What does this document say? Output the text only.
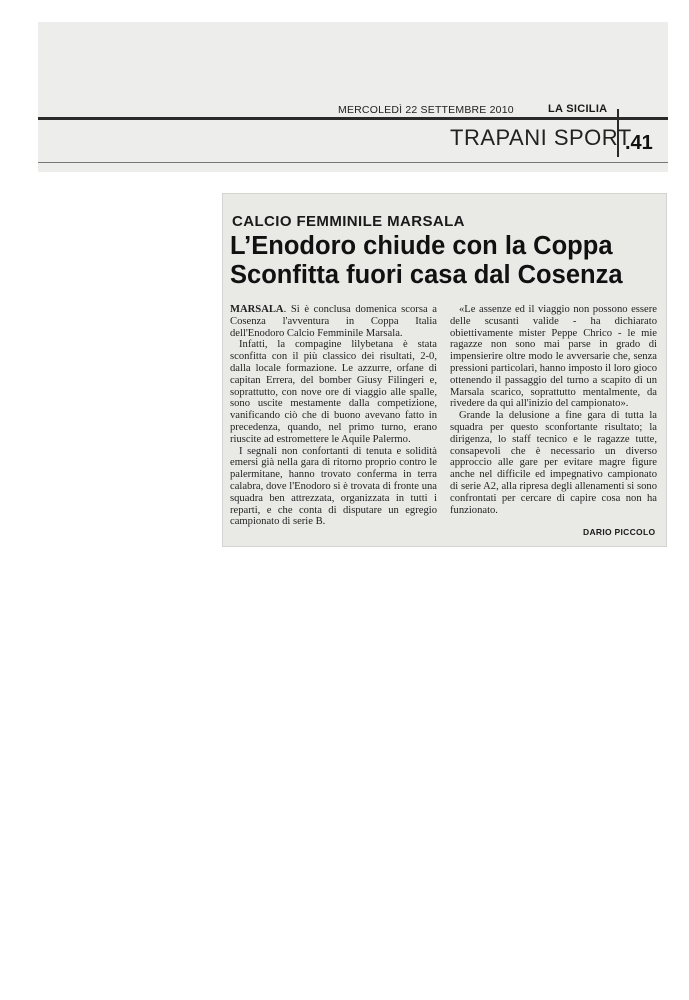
MERCOLEDÌ 22 SETTEMBRE 2010	LA SICILIA
TRAPANI SPORT
.41
CALCIO FEMMINILE MARSALA
L’Enodoro chiude con la Coppa
Sconfitta fuori casa dal Cosenza

MARSALA. Si è conclusa domenica scorsa a Cosenza l'avventura in Coppa Italia dell'Enodoro Calcio Femminile Marsala.

Infatti, la compagine lilybetana è stata sconfitta con il più classico dei risultati, 2-0, dalla locale formazione. Le azzurre, orfane di capitan Errera, del bomber Giusy Filingeri e, soprattutto, con nove ore di viaggio alle spalle, sono uscite mestamente dalla competizione, vanificando ciò che di buono avevano fatto in precedenza, quando, nel primo turno, erano riuscite ad estromettere le Aquile Palermo.

I segnali non confortanti di tenuta e solidità emersi già nella gara di ritorno proprio contro le palermitane, hanno trovato conferma in terra calabra, dove l'Enodoro si è trovata di fronte una squadra ben attrezzata, organizzata in tutti i reparti, e che conta di disputare un egregio campionato di serie B.

«Le assenze ed il viaggio non possono essere delle scusanti valide - ha dichiarato obiettivamente mister Peppe Chrico - le mie ragazze non sono mai parse in grado di impensierire oltre modo le avversarie che, senza pressioni particolari, hanno imposto il loro gioco ottenendo il passaggio del turno a scapito di un Marsala scarico, soprattutto mentalmente, da rivedere da qui all'inizio del campionato».

Grande la delusione a fine gara di tutta la squadra per questo sconfortante risultato; la dirigenza, lo staff tecnico e le ragazze tutte, consapevoli che è necessario un diverso approccio alle gare per evitare magre figure anche nel difficile ed impegnativo campionato di serie A2, alla ripresa degli allenamenti si sono confrontati per cercare di capire cosa non ha funzionato.

DARIO PICCOLO
